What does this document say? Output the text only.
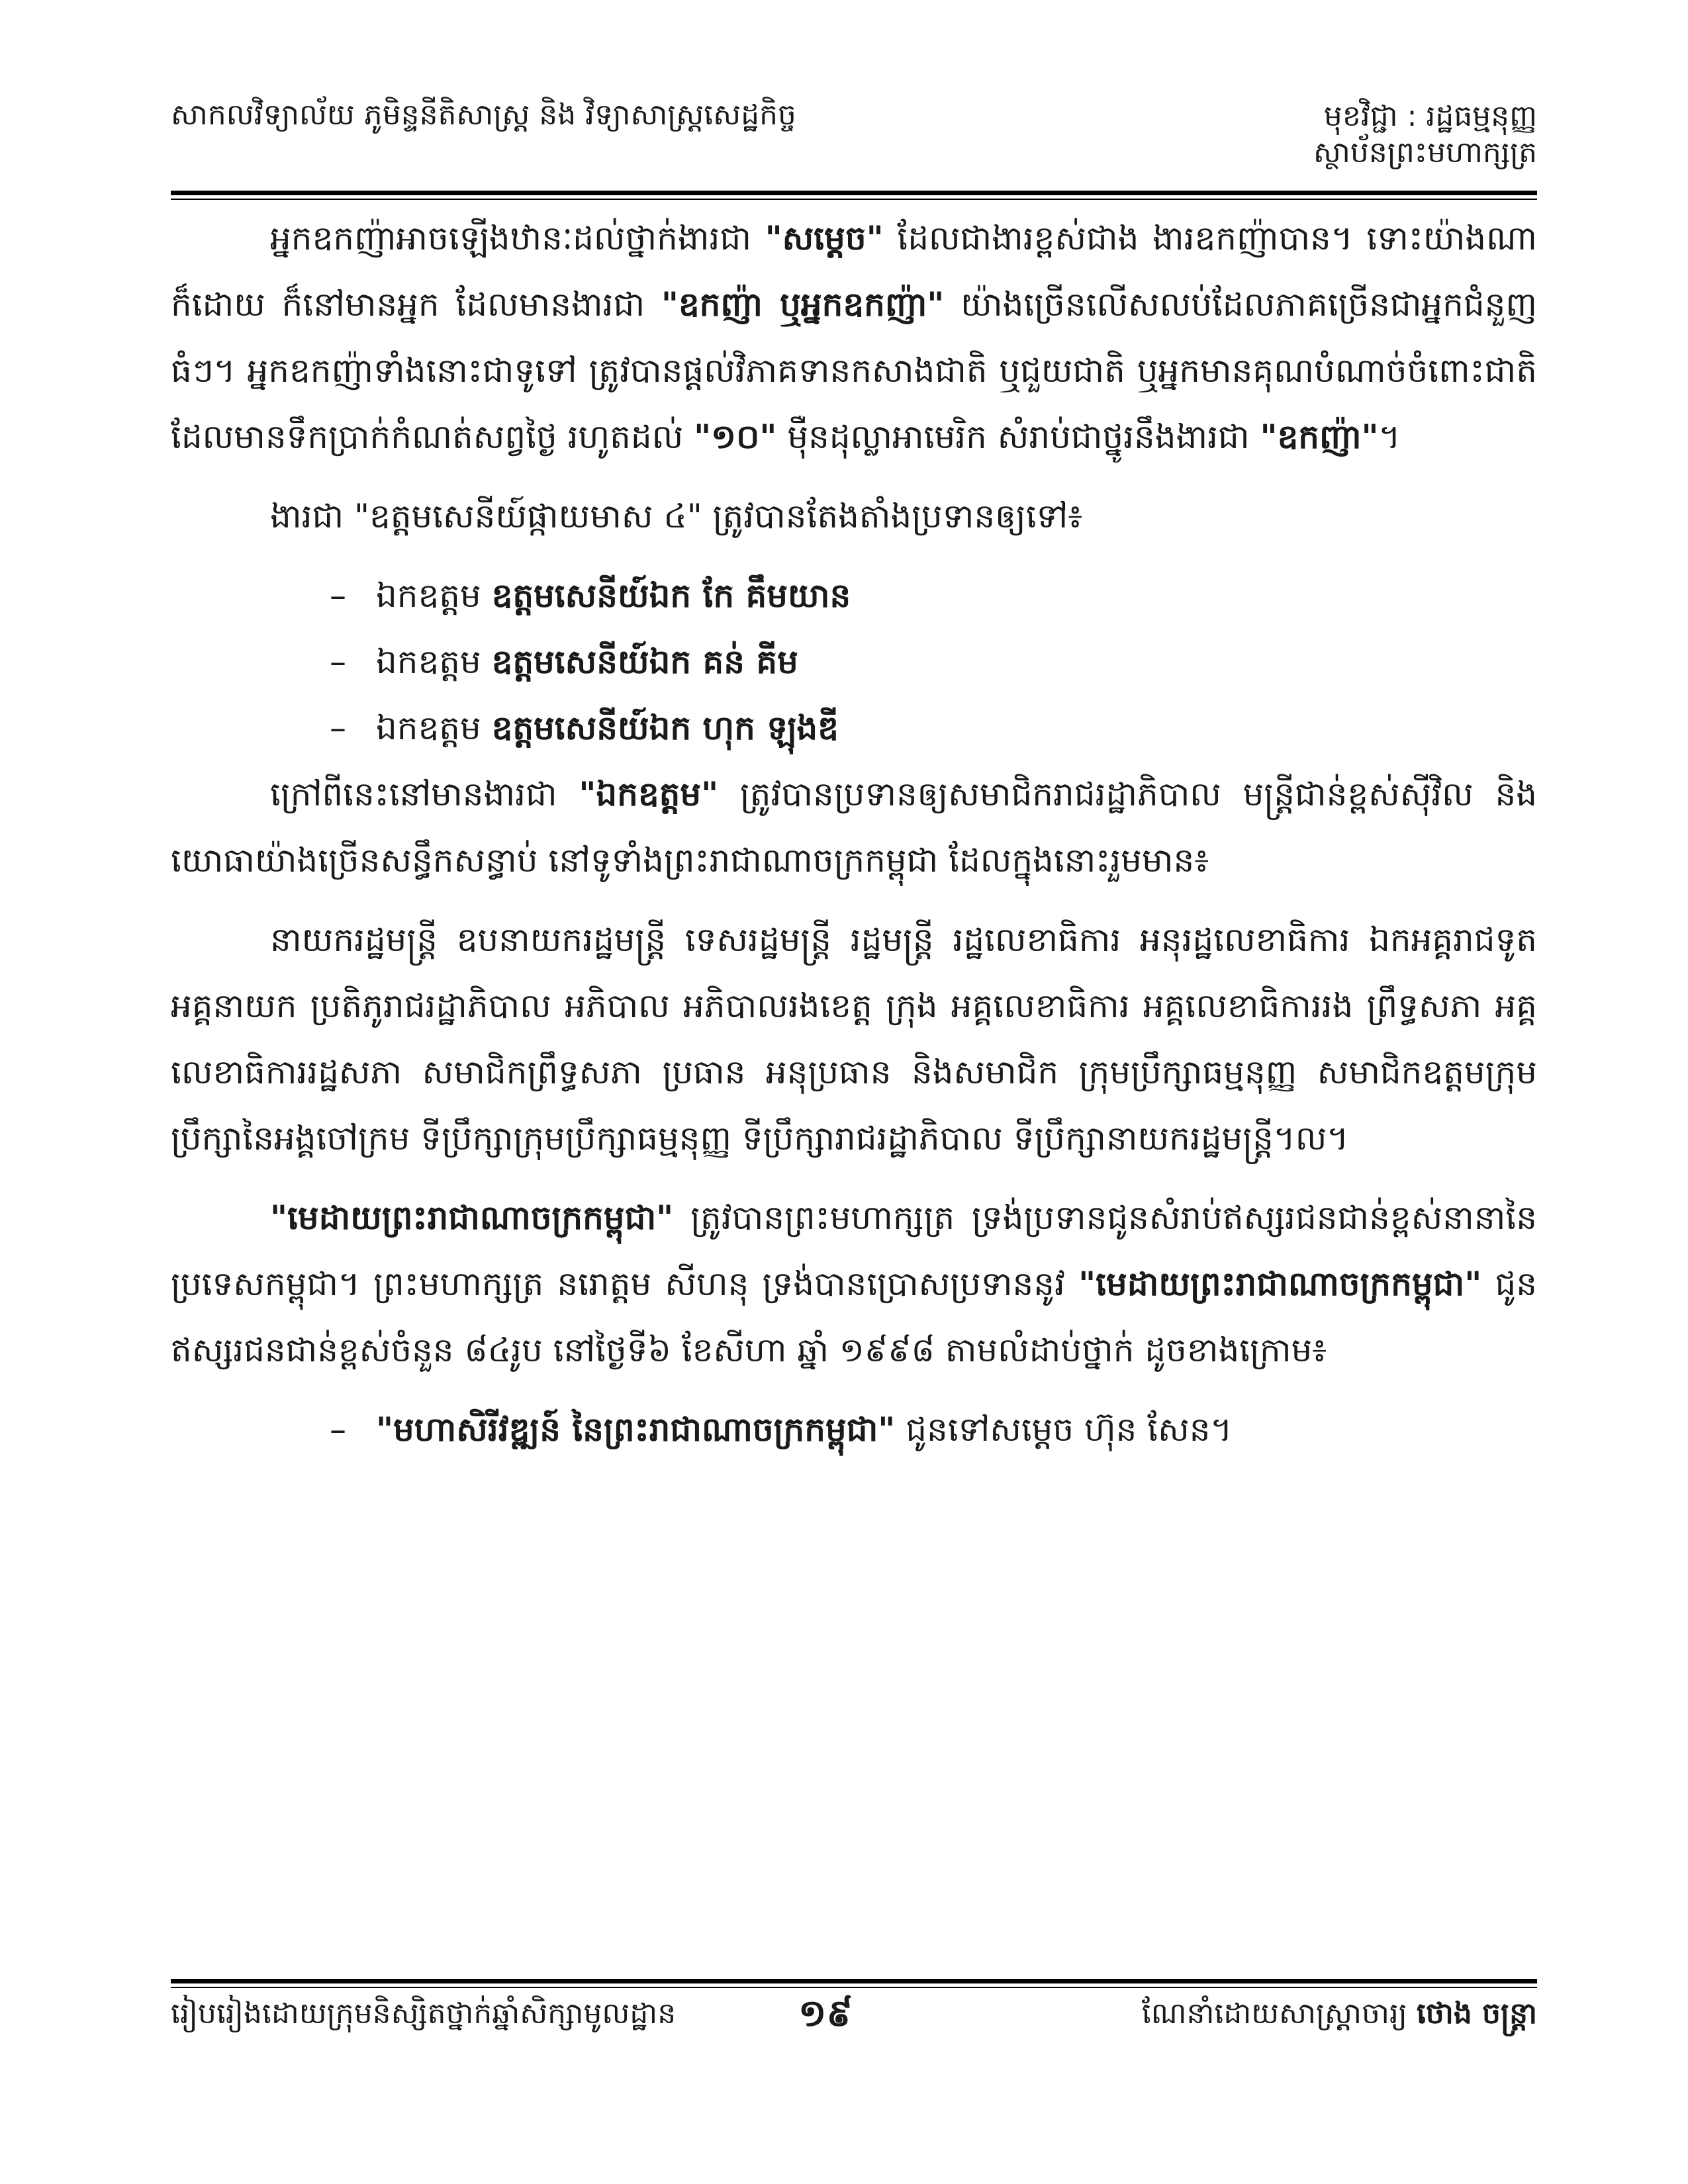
សាកលវិទ្យាល័យ ភូមិន្ទនីតិសាស្ត្រ និង វិទ្យាសាស្ត្រសេដ្ឋកិច្ច	មុខវិជ្ជា : រដ្ឋធម្មនុញ្ញ
ស្ថាប័នព្រះមហាក្សត្រ

អ្នកឧកញ៉ាអាចឡើងឋានៈដល់ថ្នាក់ងារជា "សម្តេច" ដែលជាងារខ្ពស់ជាង ងារឧកញ៉ាបាន។ ទោះយ៉ាងណាក៏ដោយ ក៏នៅមានអ្នក ដែលមានងារជា "ឧកញ៉ា ឬអ្នកឧកញ៉ា" យ៉ាងច្រើនលើសលប់ដែលភាគច្រើនជាអ្នកជំនួញធំៗ។ អ្នកឧកញ៉ាទាំងនោះជាទូទៅ ត្រូវបានផ្តល់វិភាគទានកសាងជាតិ ឬជួយជាតិ ឬអ្នកមានគុណបំណាច់ចំពោះជាតិដែលមានទឹកប្រាក់កំណត់សព្វថ្ងៃ រហូតដល់ "១០" ម៉ឺនដុល្លាអាមេរិក សំរាប់ជាថ្នូរនឹងងារជា "ឧកញ៉ា"។

ងារជា "ឧត្តមសេនីយ៍ផ្កាយមាស ៤" ត្រូវបានតែងតាំងប្រទានឲ្យទៅ៖

– ឯកឧត្តម ឧត្តមសេនីយ៍ឯក កែ គឹមយាន
– ឯកឧត្តម ឧត្តមសេនីយ៍ឯក គន់ គីម
– ឯកឧត្តម ឧត្តមសេនីយ៍ឯក ហុក ឡុងឌី

ក្រៅពីនេះនៅមានងារជា "ឯកឧត្តម" ត្រូវបានប្រទានឲ្យសមាជិករាជរដ្ឋាភិបាល មន្ត្រីជាន់ខ្ពស់ស៊ីវិល និងយោធាយ៉ាងច្រើនសន្ធឹកសន្ធាប់ នៅទូទាំងព្រះរាជាណាចក្រកម្ពុជា ដែលក្នុងនោះរួមមាន៖

នាយករដ្ឋមន្ត្រី ឧបនាយករដ្ឋមន្ត្រី ទេសរដ្ឋមន្ត្រី រដ្ឋមន្ត្រី រដ្ឋលេខាធិការ អនុរដ្ឋលេខាធិការ ឯកអគ្គរាជទូត អគ្គនាយក ប្រតិភូរាជរដ្ឋាភិបាល អភិបាល អភិបាលរងខេត្ត ក្រុង អគ្គលេខាធិការ អគ្គលេខាធិការរង ព្រឹទ្ធសភា អគ្គលេខាធិការរដ្ឋសភា សមាជិកព្រឹទ្ធសភា ប្រធាន អនុប្រធាន និងសមាជិក ក្រុមប្រឹក្សាធម្មនុញ្ញ សមាជិកឧត្តមក្រុមប្រឹក្សានៃអង្គចៅក្រម ទីប្រឹក្សាក្រុមប្រឹក្សាធម្មនុញ្ញ ទីប្រឹក្សារាជរដ្ឋាភិបាល ទីប្រឹក្សានាយករដ្ឋមន្ត្រី។ល។

"មេដាយព្រះរាជាណាចក្រកម្ពុជា" ត្រូវបានព្រះមហាក្សត្រ ទ្រង់ប្រទានជូនសំរាប់ឥស្សរជនជាន់ខ្ពស់នានានៃប្រទេសកម្ពុជា។ ព្រះមហាក្សត្រ នរោត្តម សីហនុ ទ្រង់បានប្រោសប្រទាននូវ "មេដាយព្រះរាជាណាចក្រកម្ពុជា" ជូនឥស្សរជនជាន់ខ្ពស់ចំនួន ៨៤រូប នៅថ្ងៃទី៦ ខែសីហា ឆ្នាំ ១៩៩៨ តាមលំដាប់ថ្នាក់ ដូចខាងក្រោម៖

– "មហាសិរីវឌ្ឍន៍ នៃព្រះរាជាណាចក្រកម្ពុជា" ជូនទៅសម្តេច ហ៊ុន សែន។
រៀបរៀងដោយក្រុមនិស្សិតថ្នាក់ឆ្នាំសិក្សាមូលដ្ឋាន	១៩	ណែនាំដោយសាស្ត្រាចារ្យ ថោង ចន្ត្រា
